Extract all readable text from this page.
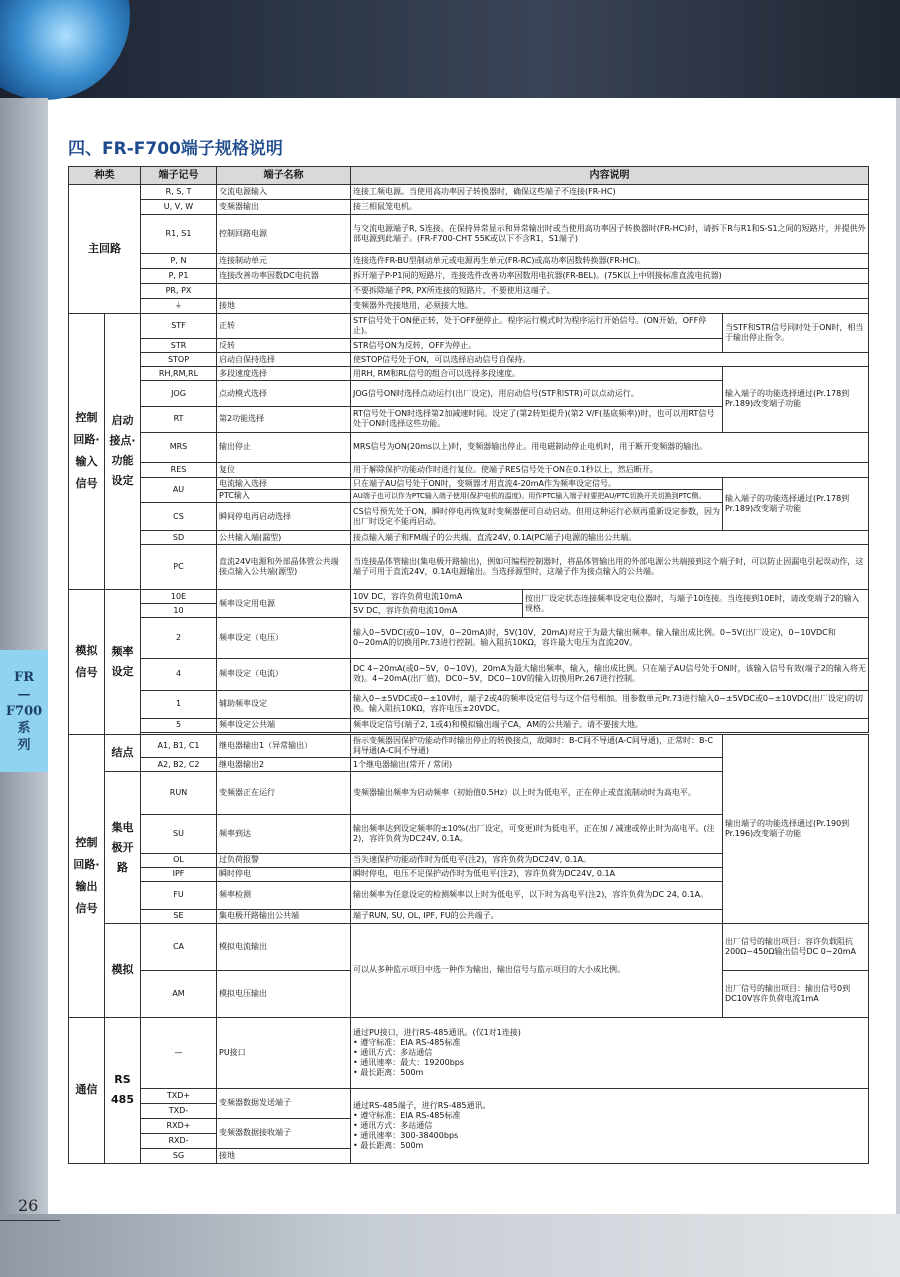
FR
—
F700
系
列
26
四、FR-F700端子规格说明
种类		端子记号	端子名称	内容说明		
主回路		R, S, T	交流电源输入	连接工频电源。当使用高功率因子转换器时，确保这些端子不连接(FR-HC)		
		U, V, W	变频器输出	接三相鼠笼电机。		
		R1, S1	控制回路电源	与交流电源端子R, S连接。在保持异常显示和异常输出时或当使用高功率因子转换器时(FR-HC)时，请拆下R与R1和S-S1之间的短路片，并提供外部电源到此端子。(FR-F700-CHT 55K或以下不含R1，S1端子)		
		P, N	连接制动单元	连接选件FR-BU型制动单元或电源再生单元(FR-RC)或高功率因数转换器(FR-HC)。		
		P, P1	连接改善功率因数DC电抗器	拆开端子P-P1间的短路片，连接选件改善功率因数用电抗器(FR-BEL)。(75K以上中则接标准直流电抗器)		
		PR, PX		不要拆除端子PR, PX所连接的短路片，不要使用这端子。		
		⏚	接地	变频器外壳接地用，必须接大地。		
控制回路·输入信号	启动接点·功能设定	STF	正转	STF信号处于ON便正转，处于OFF便停止。程序运行模式时为程序运行开始信号。(ON开始，OFF停止)。		当STF和STR信号同时处于ON时，相当于输出停止指令。
		STR	反转	STR信号ON为反转，OFF为停止。		
		STOP	启动自保持选择	使STOP信号处于ON，可以选择启动信号自保持。		
		RH,RM,RL	多段速度选择	用RH, RM和RL信号的组合可以选择多段速度。		输入端子的功能选择通过(Pr.178到Pr.189)改变端子功能
		JOG	点动模式选择	JOG信号ON时选择点动运行(出厂设定)，用启动信号(STF和STR)可以点动运行。		
		RT	第2功能选择	RT信号处于ON时选择第2加减速时间。设定了(第2转矩提升)(第2 V/F(基底频率))时，也可以用RT信号处于ON时选择这些功能。		
		MRS	输出停止	MRS信号为ON(20ms以上)时，变频器输出停止。用电磁制动停止电机时，用于断开变频器的输出。		
		RES	复位	用于解除保护功能动作时进行复位。使端子RES信号处于ON在0.1秒以上，然后断开。		
		AU	电流输入选择	只在端子AU信号处于ON时，变频器才用直流4-20mA作为频率设定信号。		输入端子的功能选择通过(Pr.178到Pr.189)改变端子功能
			PTC输入	AU端子也可以作为PTC输入端子使用(保护电机的温度)。用作PTC输入端子时要把AU/PTC切换开关切换到PTC侧。		
		CS	瞬间停电再启动选择	CS信号预先处于ON，瞬时停电再恢复时变频器便可自动启动。但用这种运行必须再重新设定参数，因为出厂时设定不能再启动。		
		SD	公共输入端(漏型)	接点输入端子和FM端子的公共端。直流24V, 0.1A(PC端子)电源的输出公共端。		
		PC	直流24V电源和外部晶体管公共端
接点输入公共端(源型)	当连接晶体管输出(集电极开路输出)，例如可编程控制器时，将晶体管输出用的外部电源公共端接到这个端子时，可以防止因漏电引起误动作，这端子可用于直流24V，0.1A电源输出。当选择源型时，这端子作为接点输入的公共端。		
模拟信号	频率设定	10E	频率设定用电源	10V DC，容许负荷电流10mA	按出厂设定状态连接频率设定电位器时，与端子10连接。当连接到10E时，请改变端子2的输入规格。	
		10		5V DC，容许负荷电流10mA		
		2	频率设定（电压）	输入0~5VDC(或0~10V，0~20mA)时，5V(10V，20mA)对应于为最大输出频率。输入输出成比例。0~5V(出厂设定)，0~10VDC和0~20mA的切换用Pr.73进行控制。输入阻抗10KΩ，容许最大电压为直流20V。		
		4	频率设定（电流）	DC 4~20mA(或0~5V，0~10V)，20mA为最大输出频率，输入，输出成比例。只在端子AU信号处于ON时，该输入信号有效(端子2的输入将无效)。4~20mA(出厂值)，DC0~5V，DC0~10V的输入切换用Pr.267进行控制。		
		1	辅助频率设定	输入0~±5VDC或0~±10V时，端子2或4的频率设定信号与这个信号相加。用参数单元Pr.73进行输入0~±5VDC或0~±10VDC(出厂设定)的切换。输入阻抗10KΩ，容许电压±20VDC。		
		5	频率设定公共端	频率设定信号(端子2, 1或4)和模拟输出端子CA，AM的公共端子。请不要接大地。		

控制回路·输出信号	结点	A1, B1, C1	继电器输出1（异常输出）	指示变频器因保护功能动作时输出停止的转换接点，故障时：B-C间不导通(A-C间导通)，正常时：B-C间导通(A-C间不导通)		输出端子的功能选择通过(Pr.190到Pr.196)改变端子功能
		A2, B2, C2	继电器输出2	1个继电器输出(常开 / 常闭)		
	集电极开路	RUN	变频器正在运行	变频器输出频率为启动频率（初始值0.5Hz）以上时为低电平，正在停止或直流制动时为高电平。		
		SU	频率到达	输出频率达到设定频率的±10%(出厂设定，可变更)时为低电平，正在加 / 减速或停止时为高电平。(注2)，容许负荷为DC24V, 0.1A。		
		OL	过负荷报警	当失速保护功能动作时为低电平(注2)，容许负荷为DC24V, 0.1A。		
		IPF	瞬时停电	瞬时停电，电压不足保护动作时为低电平(注2)，容许负荷为DC24V, 0.1A		
		FU	频率检测	输出频率为任意设定的检测频率以上时为低电平，以下时为高电平(注2)，容许负荷为DC 24, 0.1A。		
		SE	集电极开路输出公共端	端子RUN, SU, OL, IPF, FU的公共端子。		
	模拟	CA	模拟电流输出	可以从多种监示项目中选一种作为输出，输出信号与监示项目的大小成比例。		出厂信号的输出项目：容许负载阻抗200Ω~450Ω输出信号DC 0~20mA
		AM	模拟电压输出			出厂信号的输出项目：输出信号0到DC10V容许负荷电流1mA
通信	RS 485	—	PU接口	通过PU接口，进行RS-485通讯。(仅1对1连接)
• 遵守标准：EIA RS-485标准
• 通讯方式：多站通信
• 通讯速率：最大：19200bps
• 最长距离：500m		
		TXD+	变频器数据发送端子	通过RS-485端子，进行RS-485通讯。
• 遵守标准：EIA RS-485标准
• 通讯方式：多站通信
• 通讯速率：300-38400bps
• 最长距离：500m		
		TXD-				
		RXD+	变频器数据接收端子			
		RXD-				
		SG	接地			
